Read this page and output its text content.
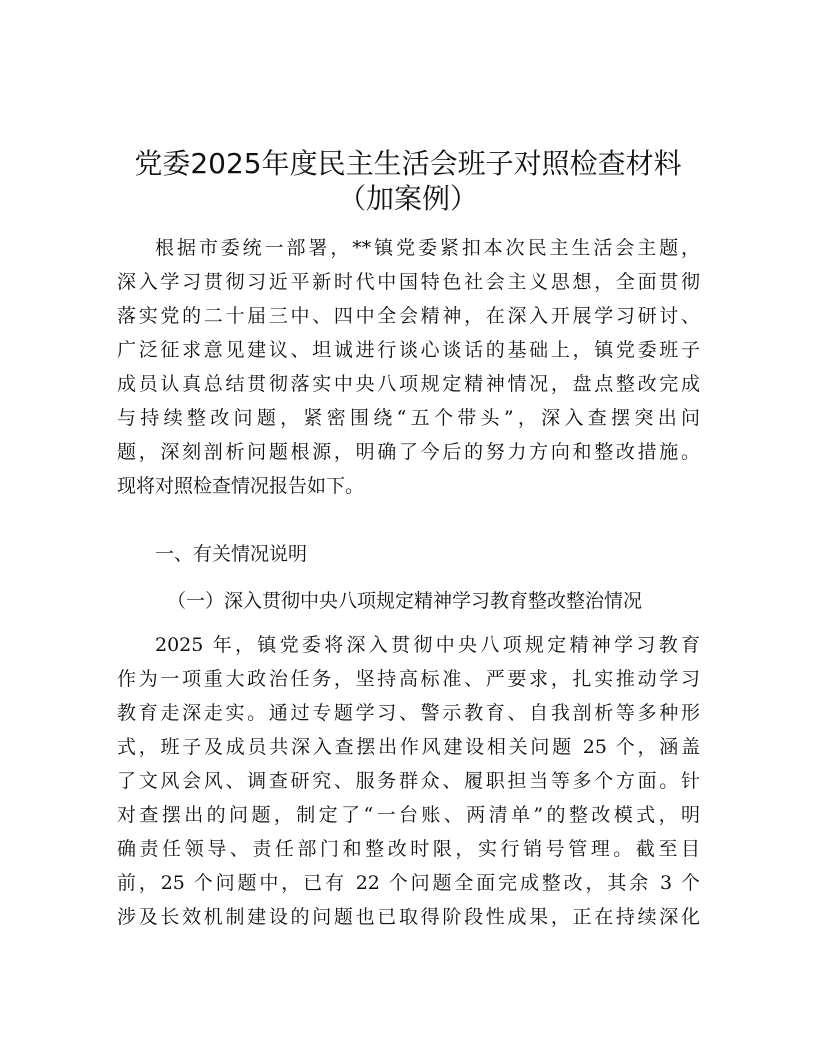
党委2025年度民主生活会班子对照检查材料
（加案例）
根据市委统一部署，**镇党委紧扣本次民主生活会主题，
深入学习贯彻习近平新时代中国特色社会主义思想，全面贯彻
落实党的二十届三中、四中全会精神，在深入开展学习研讨、
广泛征求意见建议、坦诚进行谈心谈话的基础上，镇党委班子
成员认真总结贯彻落实中央八项规定精神情况，盘点整改完成
与持续整改问题，紧密围绕“五个带头”，深入查摆突出问
题，深刻剖析问题根源，明确了今后的努力方向和整改措施。
现将对照检查情况报告如下。
一、有关情况说明
（一）深入贯彻中央八项规定精神学习教育整改整治情况
2025 年，镇党委将深入贯彻中央八项规定精神学习教育
作为一项重大政治任务，坚持高标准、严要求，扎实推动学习
教育走深走实。通过专题学习、警示教育、自我剖析等多种形
式，班子及成员共深入查摆出作风建设相关问题 25 个，涵盖
了文风会风、调查研究、服务群众、履职担当等多个方面。针
对查摆出的问题，制定了“一台账、两清单”的整改模式，明
确责任领导、责任部门和整改时限，实行销号管理。截至目
前，25 个问题中，已有 22 个问题全面完成整改，其余 3 个
涉及长效机制建设的问题也已取得阶段性成果，正在持续深化
